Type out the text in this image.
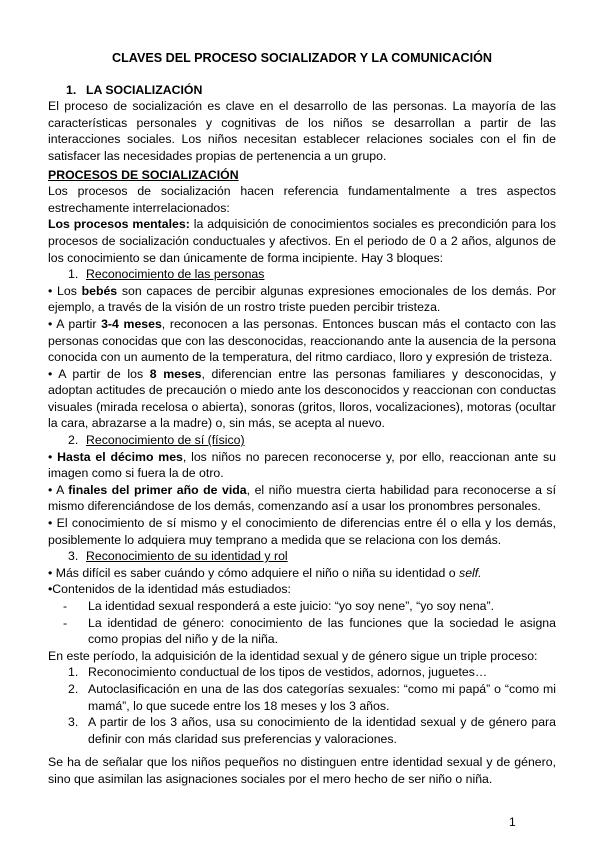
CLAVES DEL PROCESO SOCIALIZADOR Y LA COMUNICACIÓN
1. LA SOCIALIZACIÓN

El proceso de socialización es clave en el desarrollo de las personas. La mayoría de las características personales y cognitivas de los niños se desarrollan a partir de las interacciones sociales. Los niños necesitan establecer relaciones sociales con el fin de satisfacer las necesidades propias de pertenencia a un grupo.

PROCESOS DE SOCIALIZACIÓN

Los procesos de socialización hacen referencia fundamentalmente a tres aspectos estrechamente interrelacionados:

Los procesos mentales: la adquisición de conocimientos sociales es precondición para los procesos de socialización conductuales y afectivos. En el periodo de 0 a 2 años, algunos de los conocimiento se dan únicamente de forma incipiente. Hay 3 bloques:

1. Reconocimiento de las personas

• Los bebés son capaces de percibir algunas expresiones emocionales de los demás. Por ejemplo, a través de la visión de un rostro triste pueden percibir tristeza.

• A partir 3-4 meses, reconocen a las personas. Entonces buscan más el contacto con las personas conocidas que con las desconocidas, reaccionando ante la ausencia de la persona conocida con un aumento de la temperatura, del ritmo cardiaco, lloro y expresión de tristeza.

• A partir de los 8 meses, diferencian entre las personas familiares y desconocidas, y adoptan actitudes de precaución o miedo ante los desconocidos y reaccionan con conductas visuales (mirada recelosa o abierta), sonoras (gritos, lloros, vocalizaciones), motoras (ocultar la cara, abrazarse a la madre) o, sin más, se acepta al nuevo.

2. Reconocimiento de sí (físico)

• Hasta el décimo mes, los niños no parecen reconocerse y, por ello, reaccionan ante su imagen como si fuera la de otro.

• A finales del primer año de vida, el niño muestra cierta habilidad para reconocerse a sí mismo diferenciándose de los demás, comenzando así a usar los pronombres personales.

• El conocimiento de sí mismo y el conocimiento de diferencias entre él o ella y los demás, posiblemente lo adquiera muy temprano a medida que se relaciona con los demás.

3. Reconocimiento de su identidad y rol

• Más difícil es saber cuándo y cómo adquiere el niño o niña su identidad o self.

•Contenidos de la identidad más estudiados:

- La identidad sexual responderá a este juicio: “yo soy nene”, “yo soy nena”.
- La identidad de género: conocimiento de las funciones que la sociedad le asigna como propias del niño y de la niña.

En este período, la adquisición de la identidad sexual y de género sigue un triple proceso:

1. Reconocimiento conductual de los tipos de vestidos, adornos, juguetes…
2. Autoclasificación en una de las dos categorías sexuales: “como mi papá” o “como mi mamá”, lo que sucede entre los 18 meses y los 3 años.
3. A partir de los 3 años, usa su conocimiento de la identidad sexual y de género para definir con más claridad sus preferencias y valoraciones.

Se ha de señalar que los niños pequeños no distinguen entre identidad sexual y de género, sino que asimilan las asignaciones sociales por el mero hecho de ser niño o niña.

1
